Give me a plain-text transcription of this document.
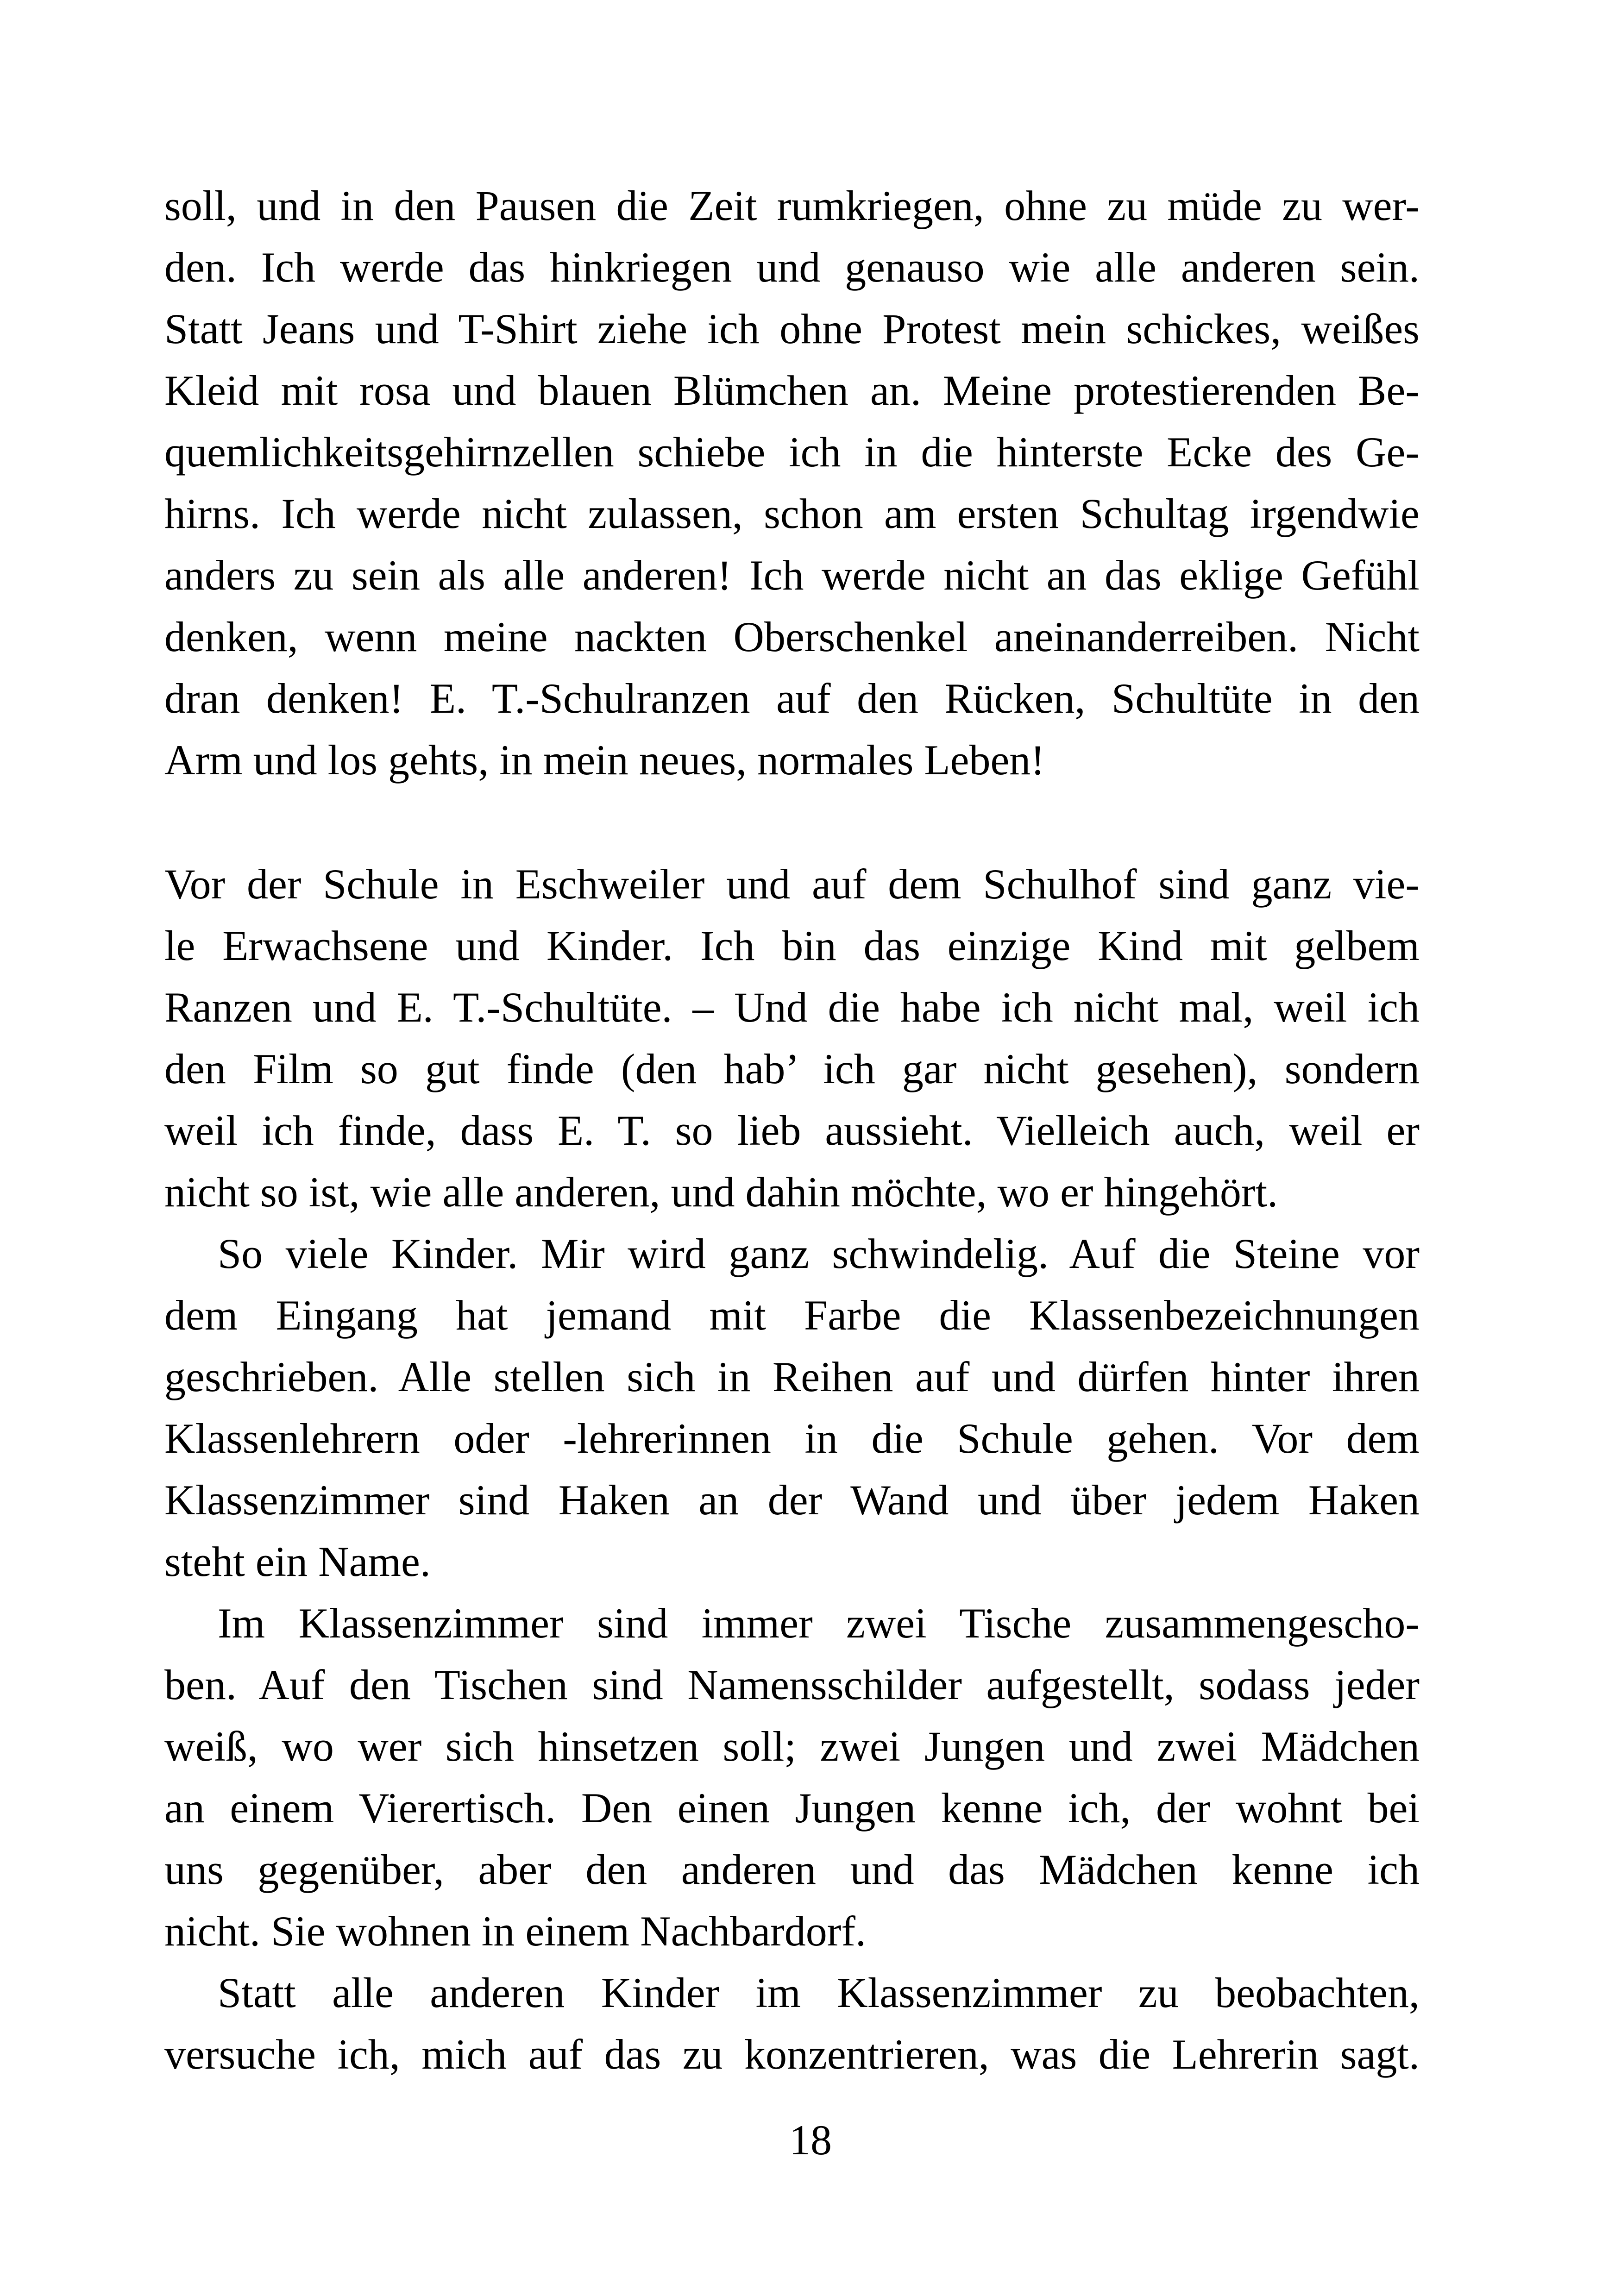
soll, und in den Pausen die Zeit rumkriegen, ohne zu müde zu wer-
den. Ich werde das hinkriegen und genauso wie alle anderen sein.
Statt Jeans und T-Shirt ziehe ich ohne Protest mein schickes, weißes
Kleid mit rosa und blauen Blümchen an. Meine protestierenden Be-
quemlichkeitsgehirnzellen schiebe ich in die hinterste Ecke des Ge-
hirns. Ich werde nicht zulassen, schon am ersten Schultag irgendwie
anders zu sein als alle anderen! Ich werde nicht an das eklige Gefühl
denken, wenn meine nackten Oberschenkel aneinanderreiben. Nicht
dran denken! E. T.-Schulranzen auf den Rücken, Schultüte in den
Arm und los gehts, in mein neues, normales Leben!
Vor der Schule in Eschweiler und auf dem Schulhof sind ganz vie-
le Erwachsene und Kinder. Ich bin das einzige Kind mit gelbem
Ranzen und E. T.-Schultüte. – Und die habe ich nicht mal, weil ich
den Film so gut finde (den hab’ ich gar nicht gesehen), sondern
weil ich finde, dass E. T. so lieb aussieht. Vielleich auch, weil er
nicht so ist, wie alle anderen, und dahin möchte, wo er hingehört.
So viele Kinder. Mir wird ganz schwindelig. Auf die Steine vor
dem Eingang hat jemand mit Farbe die Klassenbezeichnungen
geschrieben. Alle stellen sich in Reihen auf und dürfen hinter ihren
Klassenlehrern oder -lehrerinnen in die Schule gehen. Vor dem
Klassenzimmer sind Haken an der Wand und über jedem Haken
steht ein Name.
Im Klassenzimmer sind immer zwei Tische zusammengescho-
ben. Auf den Tischen sind Namensschilder aufgestellt, sodass jeder
weiß, wo wer sich hinsetzen soll; zwei Jungen und zwei Mädchen
an einem Vierertisch. Den einen Jungen kenne ich, der wohnt bei
uns gegenüber, aber den anderen und das Mädchen kenne ich
nicht. Sie wohnen in einem Nachbardorf.
Statt alle anderen Kinder im Klassenzimmer zu beobachten,
versuche ich, mich auf das zu konzentrieren, was die Lehrerin sagt.
18
